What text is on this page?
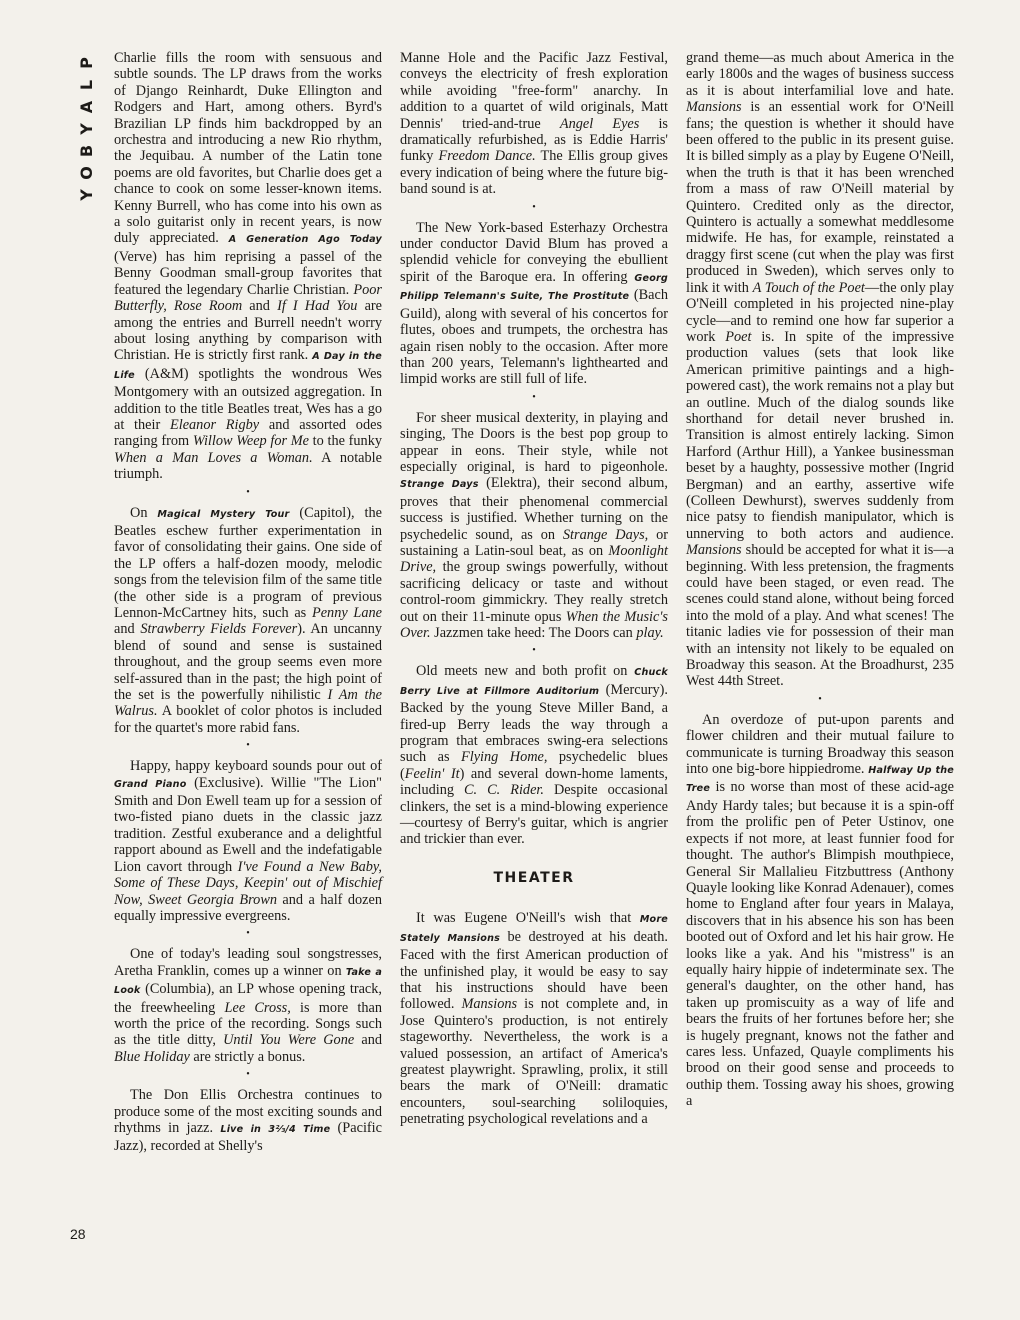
P
L
A
Y
B
O
Y
28

Charlie fills the room with sensuous and subtle sounds. The LP draws from the works of Django Reinhardt, Duke Ellington and Rodgers and Hart, among others. Byrd's Brazilian LP finds him backdropped by an orchestra and introducing a new Rio rhythm, the Jequibau. A number of the Latin tone poems are old favorites, but Charlie does get a chance to cook on some lesser-known items. Kenny Burrell, who has come into his own as a solo guitarist only in recent years, is now duly appreciated. A Generation Ago Today (Verve) has him reprising a passel of the Benny Goodman small-group favorites that featured the legendary Charlie Christian. Poor Butterfly, Rose Room and If I Had You are among the entries and Burrell needn't worry about losing anything by comparison with Christian. He is strictly first rank. A Day in the Life (A&M) spotlights the wondrous Wes Montgomery with an outsized aggregation. In addition to the title Beatles treat, Wes has a go at their Eleanor Rigby and assorted odes ranging from Willow Weep for Me to the funky When a Man Loves a Woman. A notable triumph.

•

On Magical Mystery Tour (Capitol), the Beatles eschew further experimentation in favor of consolidating their gains. One side of the LP offers a half-dozen moody, melodic songs from the television film of the same title (the other side is a program of previous Lennon-McCartney hits, such as Penny Lane and Strawberry Fields Forever). An uncanny blend of sound and sense is sustained throughout, and the group seems even more self-assured than in the past; the high point of the set is the powerfully nihilistic I Am the Walrus. A booklet of color photos is included for the quartet's more rabid fans.

•

Happy, happy keyboard sounds pour out of Grand Piano (Exclusive). Willie "The Lion" Smith and Don Ewell team up for a session of two-fisted piano duets in the classic jazz tradition. Zestful exuberance and a delightful rapport abound as Ewell and the indefatigable Lion cavort through I've Found a New Baby, Some of These Days, Keepin' out of Mischief Now, Sweet Georgia Brown and a half dozen equally impressive evergreens.

•

One of today's leading soul songstresses, Aretha Franklin, comes up a winner on Take a Look (Columbia), an LP whose opening track, the freewheeling Lee Cross, is more than worth the price of the recording. Songs such as the title ditty, Until You Were Gone and Blue Holiday are strictly a bonus.

•

The Don Ellis Orchestra continues to produce some of the most exciting sounds and rhythms in jazz. Live in 3⅔/4 Time (Pacific Jazz), recorded at Shelly's

Manne Hole and the Pacific Jazz Festival, conveys the electricity of fresh exploration while avoiding "free-form" anarchy. In addition to a quartet of wild originals, Matt Dennis' tried-and-true Angel Eyes is dramatically refurbished, as is Eddie Harris' funky Freedom Dance. The Ellis group gives every indication of being where the future big-band sound is at.

•

The New York-based Esterhazy Orchestra under conductor David Blum has proved a splendid vehicle for conveying the ebullient spirit of the Baroque era. In offering Georg Philipp Telemann's Suite, The Prostitute (Bach Guild), along with several of his concertos for flutes, oboes and trumpets, the orchestra has again risen nobly to the occasion. After more than 200 years, Telemann's lighthearted and limpid works are still full of life.

•

For sheer musical dexterity, in playing and singing, The Doors is the best pop group to appear in eons. Their style, while not especially original, is hard to pigeonhole. Strange Days (Elektra), their second album, proves that their phenomenal commercial success is justified. Whether turning on the psychedelic sound, as on Strange Days, or sustaining a Latin-soul beat, as on Moonlight Drive, the group swings powerfully, without sacrificing delicacy or taste and without control-room gimmickry. They really stretch out on their 11-minute opus When the Music's Over. Jazzmen take heed: The Doors can play.

•

Old meets new and both profit on Chuck Berry Live at Fillmore Auditorium (Mercury). Backed by the young Steve Miller Band, a fired-up Berry leads the way through a program that embraces swing-era selections such as Flying Home, psychedelic blues (Feelin' It) and several down-home laments, including C. C. Rider. Despite occasional clinkers, the set is a mind-blowing experience—courtesy of Berry's guitar, which is angrier and trickier than ever.

THEATER

It was Eugene O'Neill's wish that More Stately Mansions be destroyed at his death. Faced with the first American production of the unfinished play, it would be easy to say that his instructions should have been followed. Mansions is not complete and, in Jose Quintero's production, is not entirely stageworthy. Nevertheless, the work is a valued possession, an artifact of America's greatest playwright. Sprawling, prolix, it still bears the mark of O'Neill: dramatic encounters, soul-searching soliloquies, penetrating psychological revelations and a

grand theme—as much about America in the early 1800s and the wages of business success as it is about interfamilial love and hate. Mansions is an essential work for O'Neill fans; the question is whether it should have been offered to the public in its present guise. It is billed simply as a play by Eugene O'Neill, when the truth is that it has been wrenched from a mass of raw O'Neill material by Quintero. Credited only as the director, Quintero is actually a somewhat meddlesome midwife. He has, for example, reinstated a draggy first scene (cut when the play was first produced in Sweden), which serves only to link it with A Touch of the Poet—the only play O'Neill completed in his projected nine-play cycle—and to remind one how far superior a work Poet is. In spite of the impressive production values (sets that look like American primitive paintings and a high-powered cast), the work remains not a play but an outline. Much of the dialog sounds like shorthand for detail never brushed in. Transition is almost entirely lacking. Simon Harford (Arthur Hill), a Yankee businessman beset by a haughty, possessive mother (Ingrid Bergman) and an earthy, assertive wife (Colleen Dewhurst), swerves suddenly from nice patsy to fiendish manipulator, which is unnerving to both actors and audience. Mansions should be accepted for what it is—a beginning. With less pretension, the fragments could have been staged, or even read. The scenes could stand alone, without being forced into the mold of a play. And what scenes! The titanic ladies vie for possession of their man with an intensity not likely to be equaled on Broadway this season. At the Broadhurst, 235 West 44th Street.

•

An overdoze of put-upon parents and flower children and their mutual failure to communicate is turning Broadway this season into one big-bore hippiedrome. Halfway Up the Tree is no worse than most of these acid-age Andy Hardy tales; but because it is a spin-off from the prolific pen of Peter Ustinov, one expects if not more, at least funnier food for thought. The author's Blimpish mouthpiece, General Sir Mallalieu Fitzbuttress (Anthony Quayle looking like Konrad Adenauer), comes home to England after four years in Malaya, discovers that in his absence his son has been booted out of Oxford and let his hair grow. He looks like a yak. And his "mistress" is an equally hairy hippie of indeterminate sex. The general's daughter, on the other hand, has taken up promiscuity as a way of life and bears the fruits of her fortunes before her; she is hugely pregnant, knows not the father and cares less. Unfazed, Quayle compliments his brood on their good sense and proceeds to outhip them. Tossing away his shoes, growing a
